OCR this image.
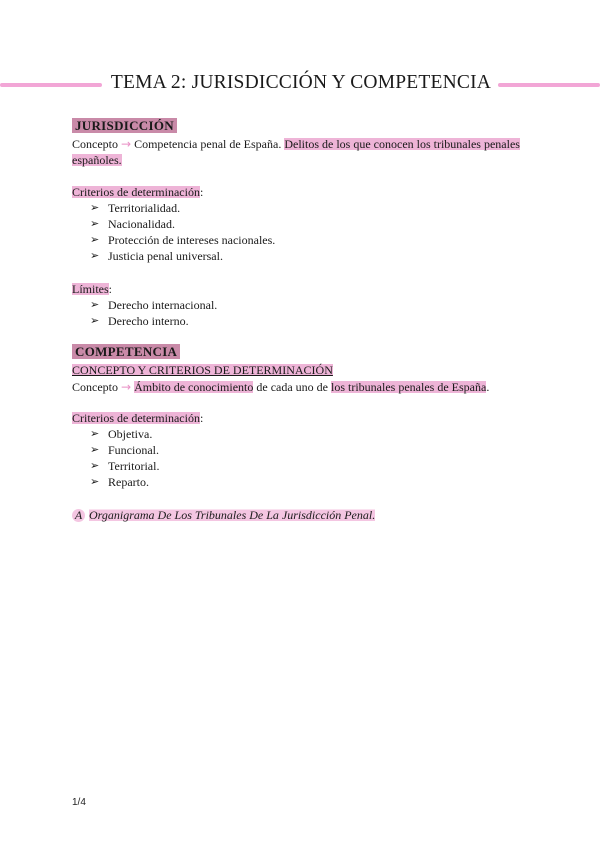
TEMA 2: JURISDICCIÓN Y COMPETENCIA
JURISDICCIÓN
Concepto → Competencia penal de España. Delitos de los que conocen los tribunales penales españoles.
Criterios de determinación:
➢ Territorialidad.
➢ Nacionalidad.
➢ Protección de intereses nacionales.
➢ Justicia penal universal.
Límites:
➢ Derecho internacional.
➢ Derecho interno.
COMPETENCIA
CONCEPTO Y CRITERIOS DE DETERMINACIÓN
Concepto → Ámbito de conocimiento de cada uno de los tribunales penales de España.
Criterios de determinación:
➢ Objetiva.
➢ Funcional.
➢ Territorial.
➢ Reparto.
A Organigrama De Los Tribunales De La Jurisdicción Penal.
1/4
